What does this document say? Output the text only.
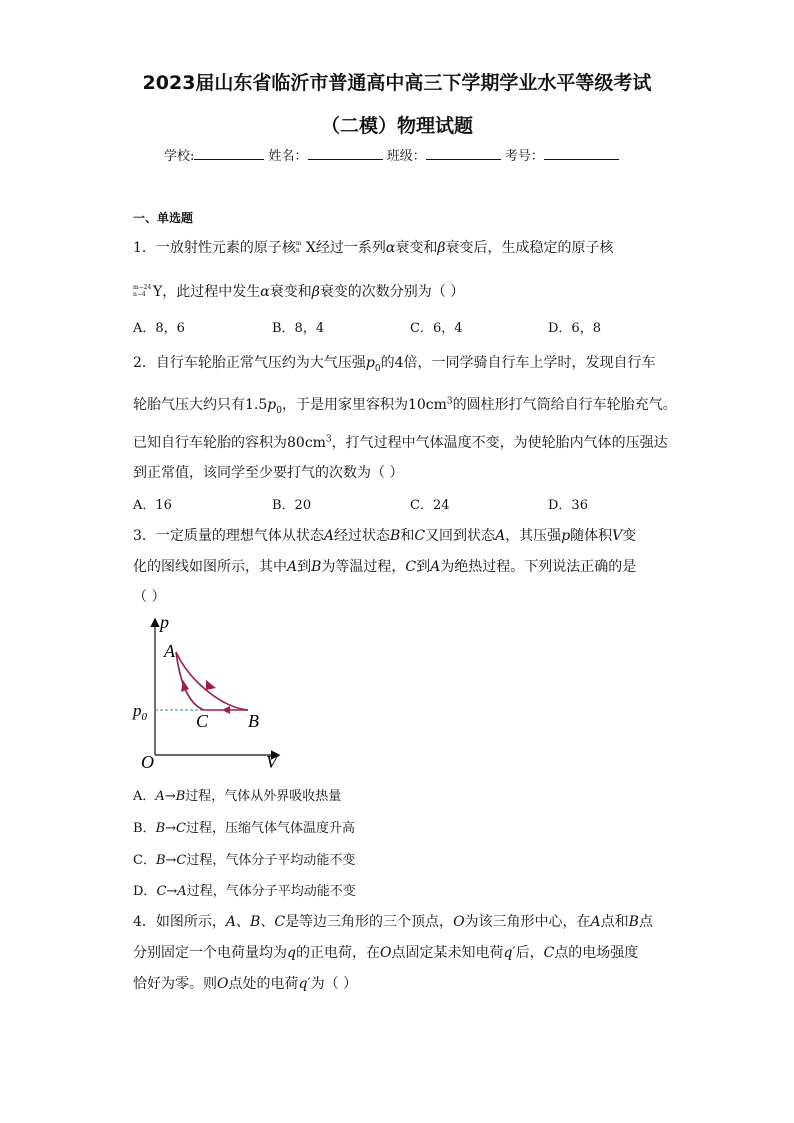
2023届山东省临沂市普通高中高三下学期学业水平等级考试
（二模）物理试题
学校:	姓名：	班级：	考号：
一、单选题
1．一放射性元素的原子核 m
n X经过一系列α衰变和β衰变后，生成稳定的原子核
m−24
n−4 Y，此过程中发生α衰变和β衰变的次数分别为（ ）
A．8，6	B．8，4	C．6，4	D．6，8
2．自行车轮胎正常气压约为大气压强$p_0$的4倍，一同学骑自行车上学时，发现自行车
轮胎气压大约只有$1.5p_0$，于是用家里容积为$10cm^3$的圆柱形打气筒给自行车轮胎充气。
已知自行车轮胎的容积为$80cm^3$，打气过程中气体温度不变，为使轮胎内气体的压强达
到正常值，该同学至少要打气的次数为（ ）
A．16	B．20	C．24	D．36
3．一定质量的理想气体从状态A经过状态B和C又回到状态A，其压强p随体积V变
化的图线如图所示，其中A到B为等温过程，C到A为绝热过程。下列说法正确的是
（ ）
p
V
O
$p_0$
A
B
C
A．A→B过程，气体从外界吸收热量
B．B→C过程，压缩气体气体温度升高
C．B→C过程，气体分子平均动能不变
D．C→A过程，气体分子平均动能不变
4．如图所示，A、B、C是等边三角形的三个顶点，O为该三角形中心，在A点和B点
分别固定一个电荷量均为q的正电荷，在O点固定某未知电荷q′后，C点的电场强度
恰好为零。则O点处的电荷q′为（ ）
